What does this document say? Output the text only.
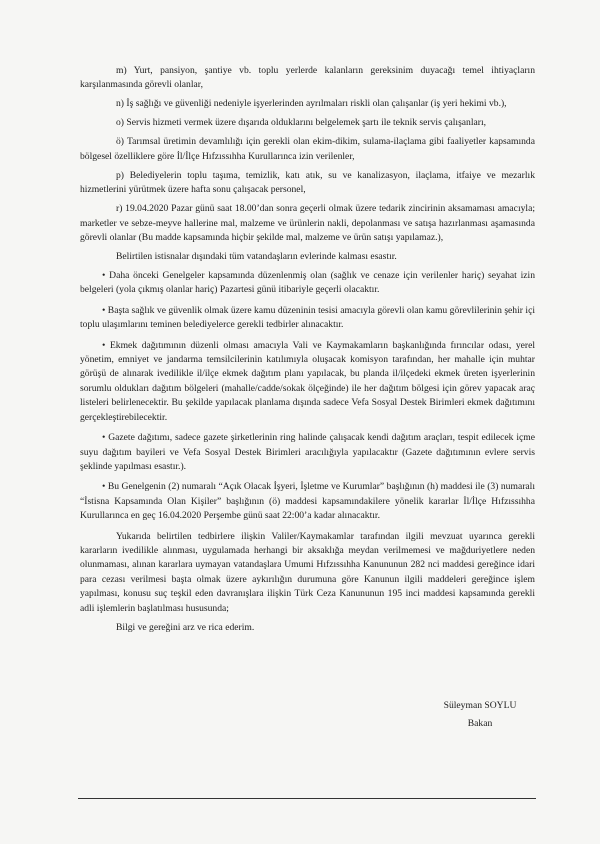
m) Yurt, pansiyon, şantiye vb. toplu yerlerde kalanların gereksinim duyacağı temel ihtiyaçların karşılanmasında görevli olanlar,

n) İş sağlığı ve güvenliği nedeniyle işyerlerinden ayrılmaları riskli olan çalışanlar (iş yeri hekimi vb.),

o) Servis hizmeti vermek üzere dışarıda olduklarını belgelemek şartı ile teknik servis çalışanları,

ö) Tarımsal üretimin devamlılığı için gerekli olan ekim-dikim, sulama-ilaçlama gibi faaliyetler kapsamında bölgesel özelliklere göre İl/İlçe Hıfzıssıhha Kurullarınca izin verilenler,

p) Belediyelerin toplu taşıma, temizlik, katı atık, su ve kanalizasyon, ilaçlama, itfaiye ve mezarlık hizmetlerini yürütmek üzere hafta sonu çalışacak personel,

r) 19.04.2020 Pazar günü saat 18.00’dan sonra geçerli olmak üzere tedarik zincirinin aksamaması amacıyla; marketler ve sebze-meyve hallerine mal, malzeme ve ürünlerin nakli, depolanması ve satışa hazırlanması aşamasında görevli olanlar (Bu madde kapsamında hiçbir şekilde mal, malzeme ve ürün satışı yapılamaz.),

Belirtilen istisnalar dışındaki tüm vatandaşların evlerinde kalması esastır.

• Daha önceki Genelgeler kapsamında düzenlenmiş olan (sağlık ve cenaze için verilenler hariç) seyahat izin belgeleri (yola çıkmış olanlar hariç) Pazartesi günü itibariyle geçerli olacaktır.

• Başta sağlık ve güvenlik olmak üzere kamu düzeninin tesisi amacıyla görevli olan kamu görevlilerinin şehir içi toplu ulaşımlarını teminen belediyelerce gerekli tedbirler alınacaktır.

• Ekmek dağıtımının düzenli olması amacıyla Vali ve Kaymakamların başkanlığında fırıncılar odası, yerel yönetim, emniyet ve jandarma temsilcilerinin katılımıyla oluşacak komisyon tarafından, her mahalle için muhtar görüşü de alınarak ivedilikle il/ilçe ekmek dağıtım planı yapılacak, bu planda il/ilçedeki ekmek üreten işyerlerinin sorumlu oldukları dağıtım bölgeleri (mahalle/cadde/sokak ölçeğinde) ile her dağıtım bölgesi için görev yapacak araç listeleri belirlenecektir. Bu şekilde yapılacak planlama dışında sadece Vefa Sosyal Destek Birimleri ekmek dağıtımını gerçekleştirebilecektir.

• Gazete dağıtımı, sadece gazete şirketlerinin ring halinde çalışacak kendi dağıtım araçları, tespit edilecek içme suyu dağıtım bayileri ve Vefa Sosyal Destek Birimleri aracılığıyla yapılacaktır (Gazete dağıtımının evlere servis şeklinde yapılması esastır.).

• Bu Genelgenin (2) numaralı “Açık Olacak İşyeri, İşletme ve Kurumlar” başlığının (h) maddesi ile (3) numaralı “İstisna Kapsamında Olan Kişiler” başlığının (ö) maddesi kapsamındakilere yönelik kararlar İl/İlçe Hıfzıssıhha Kurullarınca en geç 16.04.2020 Perşembe günü saat 22:00’a kadar alınacaktır.

Yukarıda belirtilen tedbirlere ilişkin Valiler/Kaymakamlar tarafından ilgili mevzuat uyarınca gerekli kararların ivedilikle alınması, uygulamada herhangi bir aksaklığa meydan verilmemesi ve mağduriyetlere neden olunmaması, alınan kararlara uymayan vatandaşlara Umumi Hıfzıssıhha Kanununun 282 nci maddesi gereğince idari para cezası verilmesi başta olmak üzere aykırılığın durumuna göre Kanunun ilgili maddeleri gereğince işlem yapılması, konusu suç teşkil eden davranışlara ilişkin Türk Ceza Kanununun 195 inci maddesi kapsamında gerekli adli işlemlerin başlatılması hususunda;

Bilgi ve gereğini arz ve rica ederim.

Süleyman SOYLU
Bakan
